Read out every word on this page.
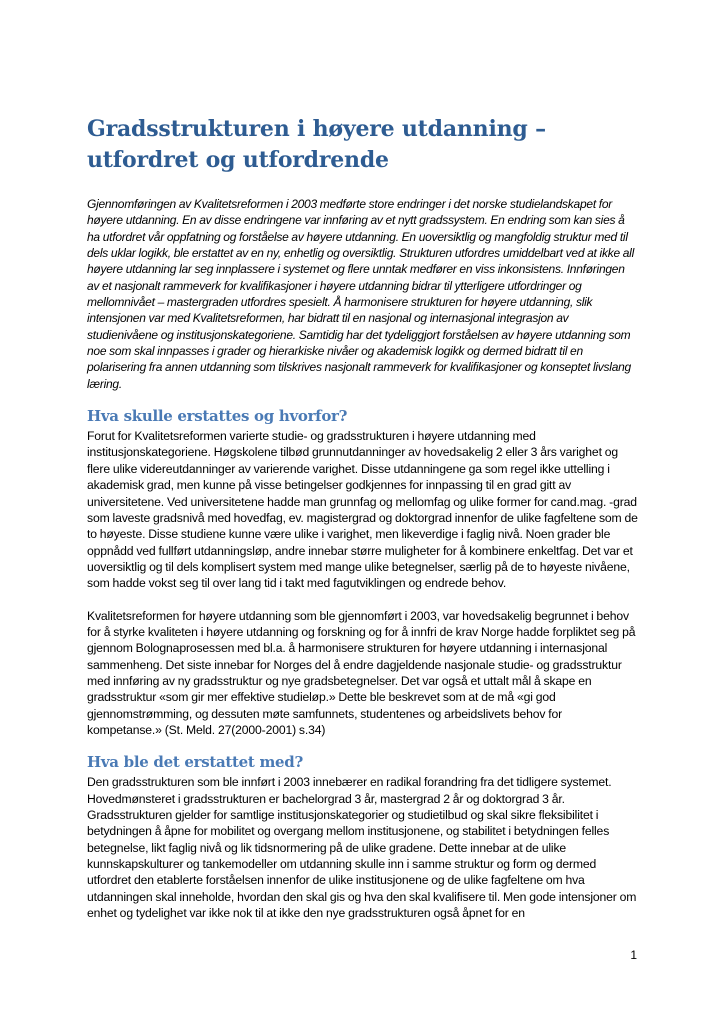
Gradsstrukturen i høyere utdanning – utfordret og utfordrende

Gjennomføringen av Kvalitetsreformen i 2003 medførte store endringer i det norske studielandskapet for høyere utdanning. En av disse endringene var innføring av et nytt gradssystem. En endring som kan sies å ha utfordret vår oppfatning og forståelse av høyere utdanning. En uoversiktlig og mangfoldig struktur med til dels uklar logikk, ble erstattet av en ny, enhetlig og oversiktlig. Strukturen utfordres umiddelbart ved at ikke all høyere utdanning lar seg innplassere i systemet og flere unntak medfører en viss inkonsistens. Innføringen av et nasjonalt rammeverk for kvalifikasjoner i høyere utdanning bidrar til ytterligere utfordringer og mellomnivået – mastergraden utfordres spesielt. Å harmonisere strukturen for høyere utdanning, slik intensjonen var med Kvalitetsreformen, har bidratt til en nasjonal og internasjonal integrasjon av studienivåene og institusjonskategoriene. Samtidig har det tydeliggjort forståelsen av høyere utdanning som noe som skal innpasses i grader og hierarkiske nivåer og akademisk logikk og dermed bidratt til en polarisering fra annen utdanning som tilskrives nasjonalt rammeverk for kvalifikasjoner og konseptet livslang læring.

Hva skulle erstattes og hvorfor?

Forut for Kvalitetsreformen varierte studie- og gradsstrukturen i høyere utdanning med institusjonskategoriene. Høgskolene tilbød grunnutdanninger av hovedsakelig 2 eller 3 års varighet og flere ulike videreutdanninger av varierende varighet. Disse utdanningene ga som regel ikke uttelling i akademisk grad, men kunne på visse betingelser godkjennes for innpassing til en grad gitt av universitetene. Ved universitetene hadde man grunnfag og mellomfag og ulike former for cand.mag. -grad som laveste gradsnivå med hovedfag, ev. magistergrad og doktorgrad innenfor de ulike fagfeltene som de to høyeste. Disse studiene kunne være ulike i varighet, men likeverdige i faglig nivå. Noen grader ble oppnådd ved fullført utdanningsløp, andre innebar større muligheter for å kombinere enkeltfag. Det var et uoversiktlig og til dels komplisert system med mange ulike betegnelser, særlig på de to høyeste nivåene, som hadde vokst seg til over lang tid i takt med fagutviklingen og endrede behov.

Kvalitetsreformen for høyere utdanning som ble gjennomført i 2003, var hovedsakelig begrunnet i behov for å styrke kvaliteten i høyere utdanning og forskning og for å innfri de krav Norge hadde forpliktet seg på gjennom Bolognaprosessen med bl.a. å harmonisere strukturen for høyere utdanning i internasjonal sammenheng. Det siste innebar for Norges del å endre dagjeldende nasjonale studie- og gradsstruktur med innføring av ny gradsstruktur og nye gradsbetegnelser. Det var også et uttalt mål å skape en gradsstruktur «som gir mer effektive studieløp.» Dette ble beskrevet som at de må «gi god gjennomstrømming, og dessuten møte samfunnets, studentenes og arbeidslivets behov for kompetanse.» (St. Meld. 27(2000-2001) s.34)

Hva ble det erstattet med?

Den gradsstrukturen som ble innført i 2003 innebærer en radikal forandring fra det tidligere systemet. Hovedmønsteret i gradsstrukturen er bachelorgrad 3 år, mastergrad 2 år og doktorgrad 3 år. Gradsstrukturen gjelder for samtlige institusjonskategorier og studietilbud og skal sikre fleksibilitet i betydningen å åpne for mobilitet og overgang mellom institusjonene, og stabilitet i betydningen felles betegnelse, likt faglig nivå og lik tidsnormering på de ulike gradene. Dette innebar at de ulike kunnskapskulturer og tankemodeller om utdanning skulle inn i samme struktur og form og dermed utfordret den etablerte forståelsen innenfor de ulike institusjonene og de ulike fagfeltene om hva utdanningen skal inneholde, hvordan den skal gis og hva den skal kvalifisere til. Men gode intensjoner om enhet og tydelighet var ikke nok til at ikke den nye gradsstrukturen også åpnet for en

1
